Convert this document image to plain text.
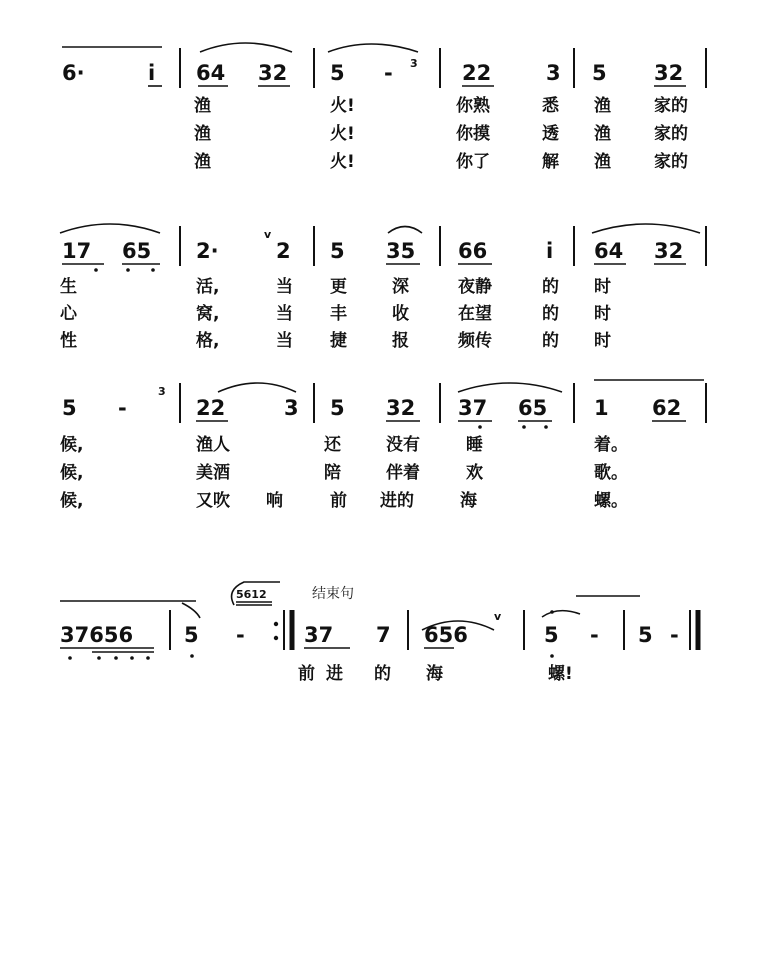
6·	i 64 32 5 -	22	3 5 32
3
渔	火!	你熟	悉 渔	家的
渔	火!	你摸	透 渔	家的
渔	火!	你了	解 渔	家的
17 65 2·	2 5 35 66	i 64 32
v
生	活,	当 更	深	夜静	的 时
心	窝,	当 丰	收	在望	的 时
性	格,	当 捷	报	频传	的 时
5 -	22	3 5 32 37 65 1 62
3
候,	渔人	还	没有	睡	着。
候,	美酒	陪	伴着	欢	歌。
候,	又吹 响	前 进的	海	螺。
5612	结束句
37656 5 -	37 7 656	5 - 5 -
v
前 进 的 海	螺!
